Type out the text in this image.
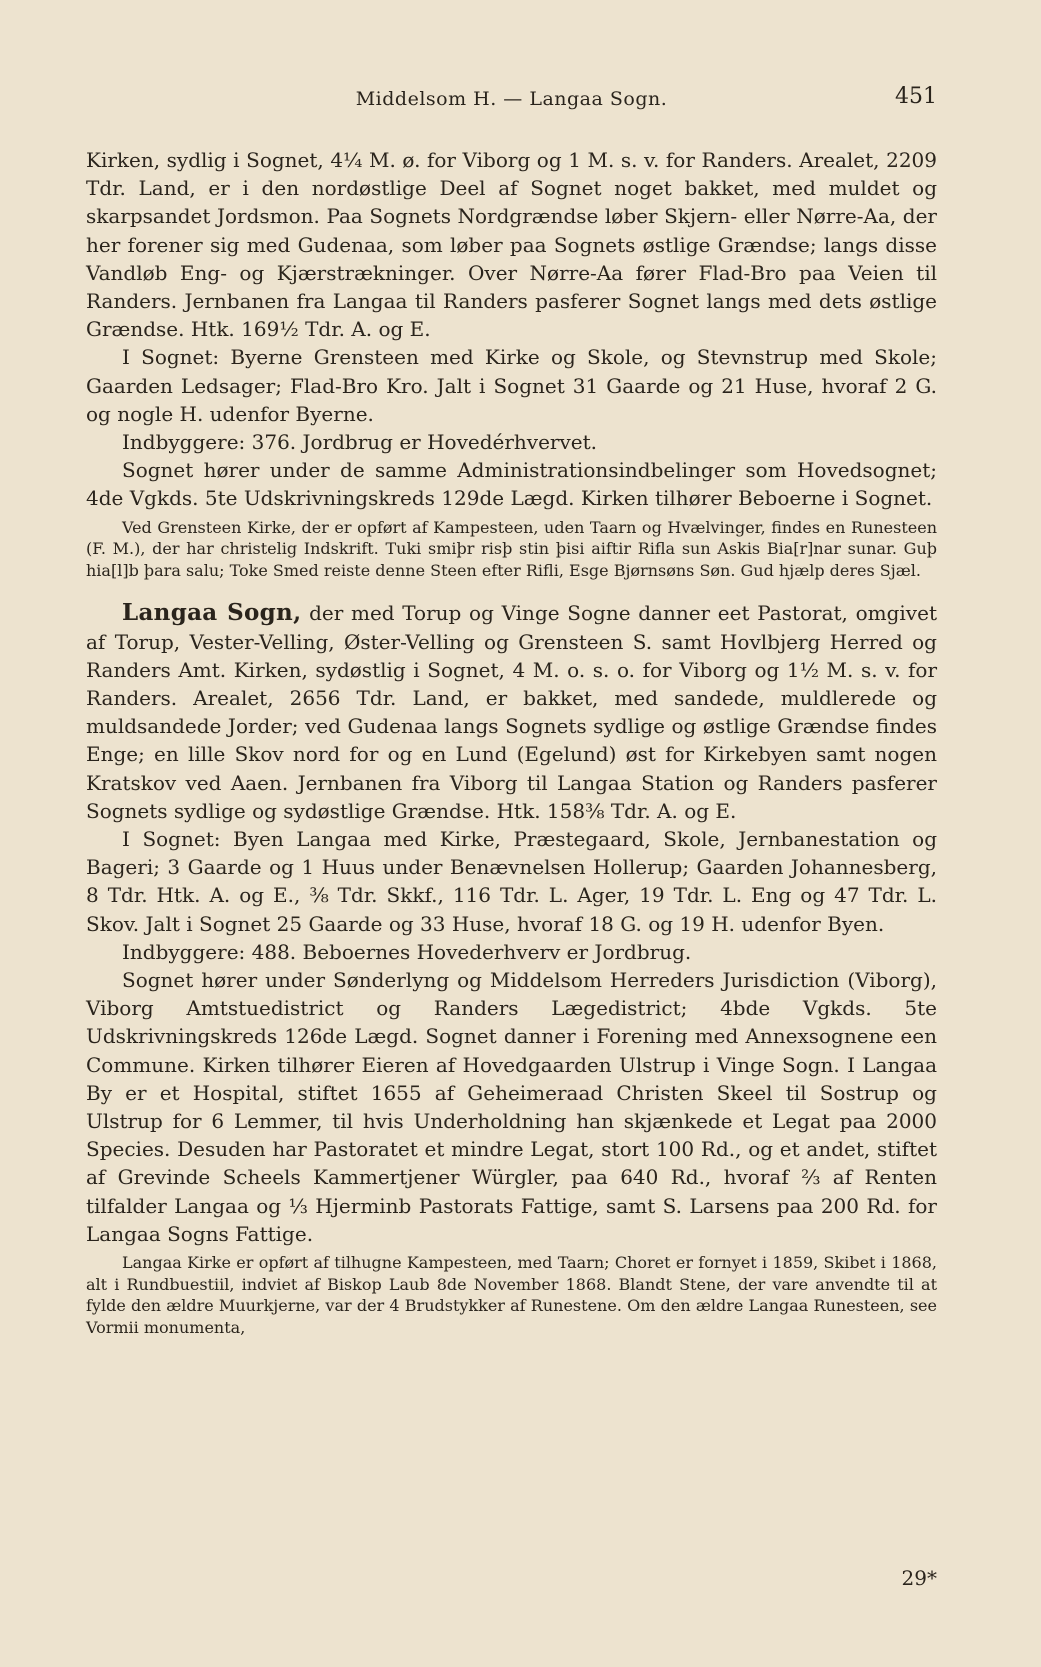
Middelsom H. — Langaa Sogn.	451

Kirken, sydlig i Sognet, 4¼ M. ø. for Viborg og 1 M. s. v. for Randers. Arealet, 2209 Tdr. Land, er i den nordøstlige Deel af Sognet noget bakket, med muldet og skarpsandet Jordsmon. Paa Sognets Nordgrændse løber Skjern- eller Nørre-Aa, der her forener sig med Gudenaa, som løber paa Sognets østlige Grændse; langs disse Vandløb Eng- og Kjærstrækninger. Over Nørre-Aa fører Flad-Bro paa Veien til Randers. Jernbanen fra Langaa til Randers pasferer Sognet langs med dets østlige Grændse. Htk. 169½ Tdr. A. og E.

I Sognet: Byerne Grensteen med Kirke og Skole, og Stevnstrup med Skole; Gaarden Ledsager; Flad-Bro Kro. Jalt i Sognet 31 Gaarde og 21 Huse, hvoraf 2 G. og nogle H. udenfor Byerne.

Indbyggere: 376. Jordbrug er Hovedérhvervet.

Sognet hører under de samme Administrationsindbelinger som Hovedsognet; 4de Vgkds. 5te Udskrivningskreds 129de Lægd. Kirken tilhører Beboerne i Sognet.

Ved Grensteen Kirke, der er opført af Kampesteen, uden Taarn og Hvælvinger, findes en Runesteen (F. M.), der har christelig Indskrift. Tuki smiþr risþ stin þisi aiftir Rifla sun Askis Bia[r]nar sunar. Guþ hia[l]b þara salu; Toke Smed reiste denne Steen efter Rifli, Esge Bjørnsøns Søn. Gud hjælp deres Sjæl.

Langaa Sogn, der med Torup og Vinge Sogne danner eet Pastorat, omgivet af Torup, Vester-Velling, Øster-Velling og Grensteen S. samt Hovlbjerg Herred og Randers Amt. Kirken, sydøstlig i Sognet, 4 M. o. s. o. for Viborg og 1½ M. s. v. for Randers. Arealet, 2656 Tdr. Land, er bakket, med sandede, muldlerede og muldsandede Jorder; ved Gudenaa langs Sognets sydlige og østlige Grændse findes Enge; en lille Skov nord for og en Lund (Egelund) øst for Kirkebyen samt nogen Kratskov ved Aaen. Jernbanen fra Viborg til Langaa Station og Randers pasferer Sognets sydlige og sydøstlige Grændse. Htk. 158⅜ Tdr. A. og E.

I Sognet: Byen Langaa med Kirke, Præstegaard, Skole, Jernbanestation og Bageri; 3 Gaarde og 1 Huus under Benævnelsen Hollerup; Gaarden Johannesberg, 8 Tdr. Htk. A. og E., ⅜ Tdr. Skkf., 116 Tdr. L. Ager, 19 Tdr. L. Eng og 47 Tdr. L. Skov. Jalt i Sognet 25 Gaarde og 33 Huse, hvoraf 18 G. og 19 H. udenfor Byen.

Indbyggere: 488. Beboernes Hovederhverv er Jordbrug.

Sognet hører under Sønderlyng og Middelsom Herreders Jurisdiction (Viborg), Viborg Amtstuedistrict og Randers Lægedistrict; 4bde Vgkds. 5te Udskrivningskreds 126de Lægd. Sognet danner i Forening med Annexsognene een Commune. Kirken tilhører Eieren af Hovedgaarden Ulstrup i Vinge Sogn. I Langaa By er et Hospital, stiftet 1655 af Geheimeraad Christen Skeel til Sostrup og Ulstrup for 6 Lemmer, til hvis Underholdning han skjænkede et Legat paa 2000 Species. Desuden har Pastoratet et mindre Legat, stort 100 Rd., og et andet, stiftet af Grevinde Scheels Kammertjener Würgler, paa 640 Rd., hvoraf ⅔ af Renten tilfalder Langaa og ⅓ Hjerminb Pastorats Fattige, samt S. Larsens paa 200 Rd. for Langaa Sogns Fattige.

Langaa Kirke er opført af tilhugne Kampesteen, med Taarn; Choret er fornyet i 1859, Skibet i 1868, alt i Rundbuestiil, indviet af Biskop Laub 8de November 1868. Blandt Stene, der vare anvendte til at fylde den ældre Muurkjerne, var der 4 Brudstykker af Runestene. Om den ældre Langaa Runesteen, see Vormii monumenta,

29*
